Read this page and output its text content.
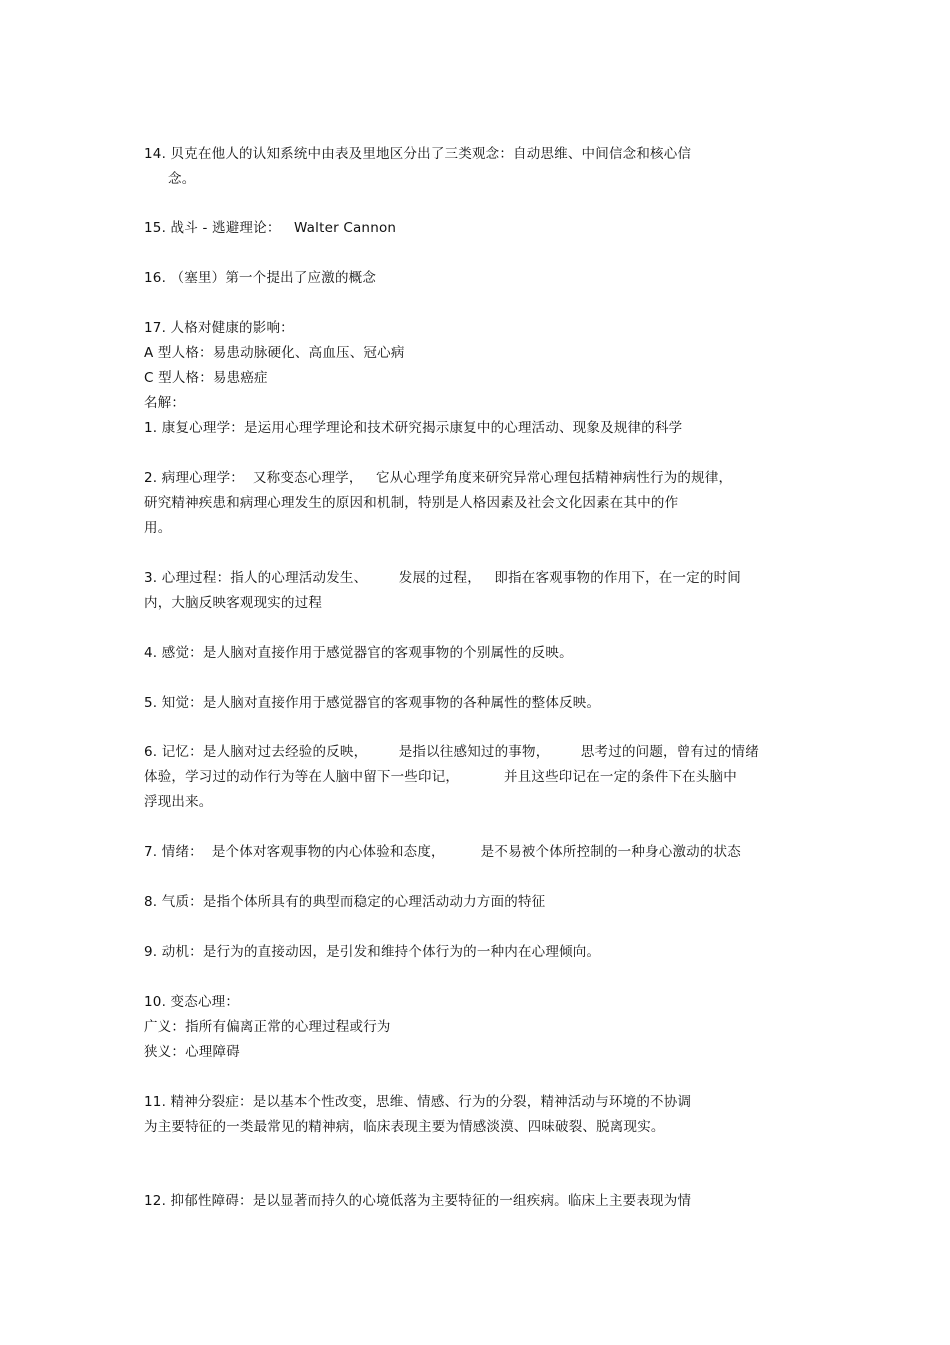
14. 贝克在他人的认知系统中由表及里地区分出了三类观念：自动思维、中间信念和核心信
念。
15. 战斗 - 逃避理论：   Walter Cannon
16. （塞里）第一个提出了应激的概念
17. 人格对健康的影响：
A 型人格：易患动脉硬化、高血压、冠心病
C 型人格：易患癌症
名解：
1. 康复心理学：是运用心理学理论和技术研究揭示康复中的心理活动、现象及规律的科学
2. 病理心理学：  又称变态心理学，   它从心理学角度来研究异常心理包括精神病性行为的规律，
研究精神疾患和病理心理发生的原因和机制，特别是人格因素及社会文化因素在其中的作
用。
3. 心理过程：指人的心理活动发生、       发展的过程，   即指在客观事物的作用下，在一定的时间
内，大脑反映客观现实的过程
4. 感觉：是人脑对直接作用于感觉器官的客观事物的个别属性的反映。
5. 知觉：是人脑对直接作用于感觉器官的客观事物的各种属性的整体反映。
6. 记忆：是人脑对过去经验的反映，       是指以往感知过的事物，       思考过的问题，曾有过的情绪
体验，学习过的动作行为等在人脑中留下一些印记，          并且这些印记在一定的条件下在头脑中
浮现出来。
7. 情绪：  是个体对客观事物的内心体验和态度，        是不易被个体所控制的一种身心激动的状态
8. 气质：是指个体所具有的典型而稳定的心理活动动力方面的特征
9. 动机：是行为的直接动因，是引发和维持个体行为的一种内在心理倾向。
10. 变态心理：
广义：指所有偏离正常的心理过程或行为
狭义：心理障碍
11. 精神分裂症：是以基本个性改变，思维、情感、行为的分裂，精神活动与环境的不协调
为主要特征的一类最常见的精神病，临床表现主要为情感淡漠、四味破裂、脱离现实。
12. 抑郁性障碍：是以显著而持久的心境低落为主要特征的一组疾病。临床上主要表现为情
